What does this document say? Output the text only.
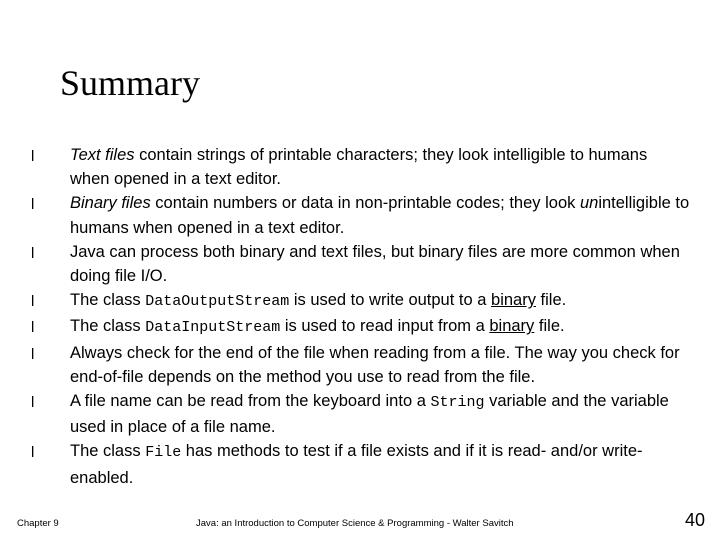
Summary
l Text files contain strings of printable characters; they look intelligible to humans when opened in a text editor.
l Binary files contain numbers or data in non-printable codes; they look unintelligible to humans when opened in a text editor.
l Java can process both binary and text files, but binary files are more common when doing file I/O.
l The class DataOutputStream is used to write output to a binary file.
l The class DataInputStream is used to read input from a binary file.
l Always check for the end of the file when reading from a file. The way you check for end-of-file depends on the method you use to read from the file.
l A file name can be read from the keyboard into a String variable and the variable used in place of a file name.
l The class File has methods to test if a file exists and if it is read- and/or write-enabled.
Chapter 9	Java: an Introduction to Computer Science & Programming - Walter Savitch	40
